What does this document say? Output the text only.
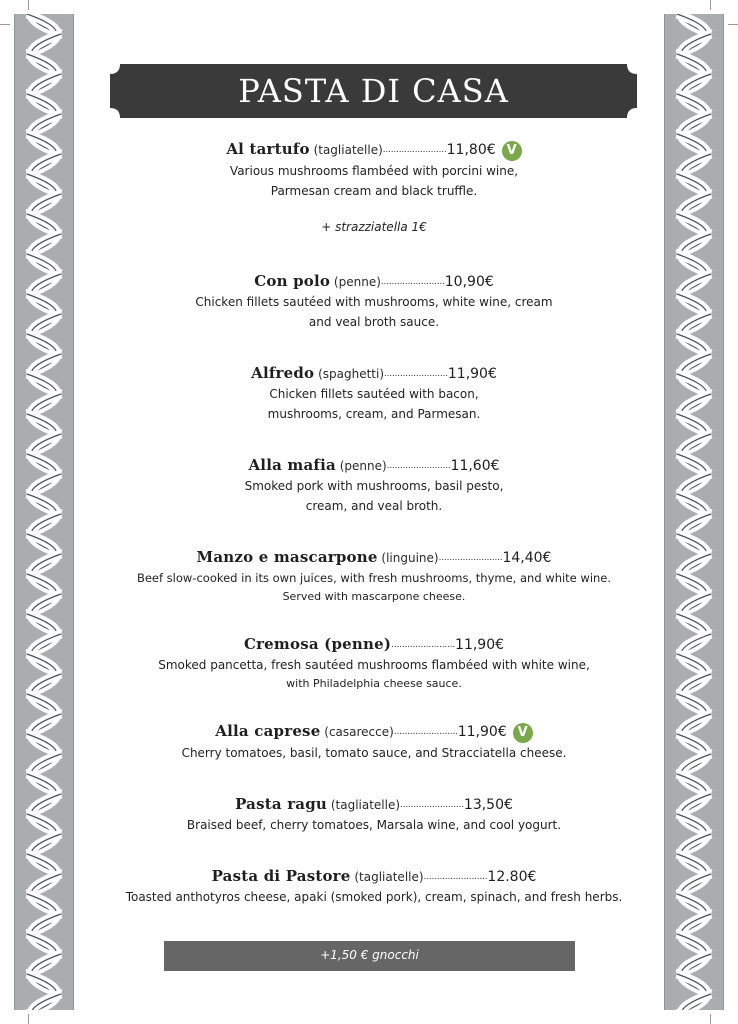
PASTA DI CASA
Al tartufo (tagliatelle)........................11,80€ V
Various mushrooms flambéed with porcini wine,
Parmesan cream and black truffle.
+ strazziatella 1€
Con polo (penne)........................10,90€
Chicken fillets sautéed with mushrooms, white wine, cream
and veal broth sauce.
Alfredo (spaghetti)........................11,90€
Chicken fillets sautéed with bacon,
mushrooms, cream, and Parmesan.
Alla mafia (penne)........................11,60€
Smoked pork with mushrooms, basil pesto,
cream, and veal broth.
Manzo e mascarpone (linguine)........................14,40€
Beef slow-cooked in its own juices, with fresh mushrooms, thyme, and white wine.
Served with mascarpone cheese.
Cremosa (penne)........................11,90€
Smoked pancetta, fresh sautéed mushrooms flambéed with white wine,
with Philadelphia cheese sauce.
Alla caprese (casarecce)........................11,90€ V
Cherry tomatoes, basil, tomato sauce, and Stracciatella cheese.
Pasta ragu (tagliatelle)........................13,50€
Braised beef, cherry tomatoes, Marsala wine, and cool yogurt.
Pasta di Pastore (tagliatelle)........................12.80€
Toasted anthotyros cheese, apaki (smoked pork), cream, spinach, and fresh herbs.
+1,50 € gnocchi
